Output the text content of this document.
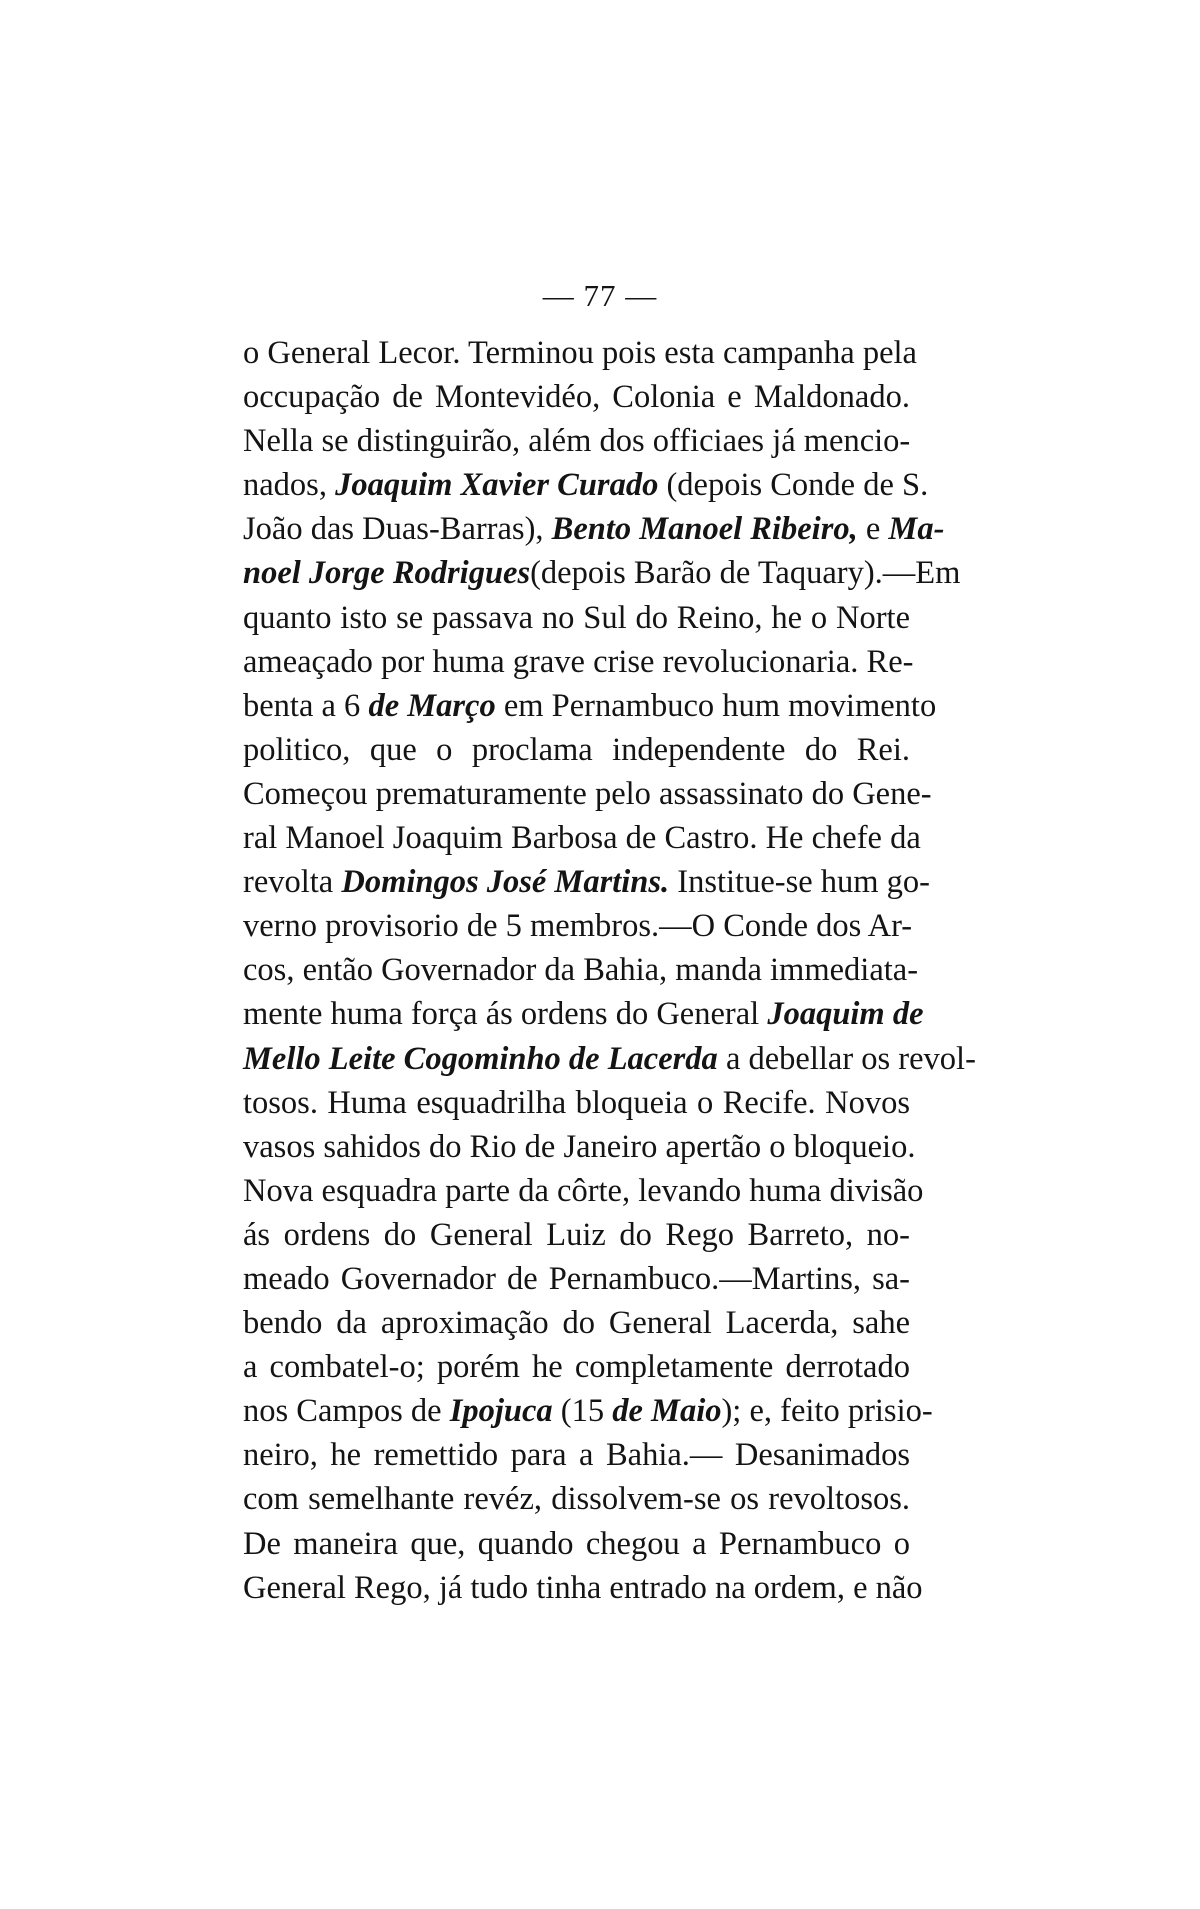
— 77 —
o General Lecor. Terminou pois esta campanha pela
occupação de Montevidéo, Colonia e Maldonado.
Nella se distinguirão, além dos officiaes já mencio-
nados, Joaquim Xavier Curado (depois Conde de S.
João das Duas-Barras), Bento Manoel Ribeiro, e Ma-
noel Jorge Rodrigues(depois Barão de Taquary).—Em
quanto isto se passava no Sul do Reino, he o Norte
ameaçado por huma grave crise revolucionaria. Re-
benta a 6 de Março em Pernambuco hum movimento
politico, que o proclama independente do Rei.
Começou prematuramente pelo assassinato do Gene-
ral Manoel Joaquim Barbosa de Castro. He chefe da
revolta Domingos José Martins. Institue-se hum go-
verno provisorio de 5 membros.—O Conde dos Ar-
cos, então Governador da Bahia, manda immediata-
mente huma força ás ordens do General Joaquim de
Mello Leite Cogominho de Lacerda a debellar os revol-
tosos. Huma esquadrilha bloqueia o Recife. Novos
vasos sahidos do Rio de Janeiro apertão o bloqueio.
Nova esquadra parte da côrte, levando huma divisão
ás ordens do General Luiz do Rego Barreto, no-
meado Governador de Pernambuco.—Martins, sa-
bendo da aproximação do General Lacerda, sahe
a combatel-o; porém he completamente derrotado
nos Campos de Ipojuca (15 de Maio); e, feito prisio-
neiro, he remettido para a Bahia.— Desanimados
com semelhante revéz, dissolvem-se os revoltosos.
De maneira que, quando chegou a Pernambuco o
General Rego, já tudo tinha entrado na ordem, e não
